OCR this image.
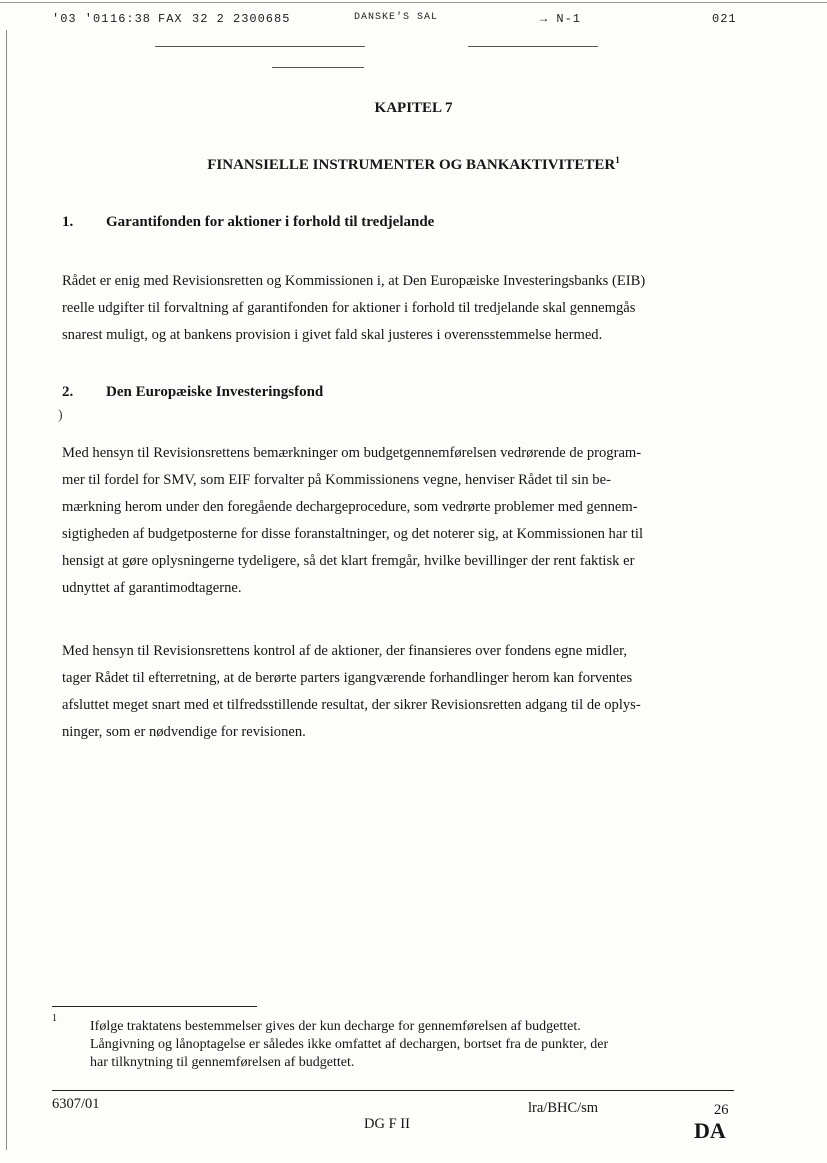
'03 '01 16:38 FAX 32 2 2300685	DANSKE'S SAL	→ N-1	021
KAPITEL 7
FINANSIELLE INSTRUMENTER OG BANKAKTIVITETER$^1$
1. Garantifonden for aktioner i forhold til tredjelande
Rådet er enig med Revisionsretten og Kommissionen i, at Den Europæiske Investeringsbanks (EIB)
reelle udgifter til forvaltning af garantifonden for aktioner i forhold til tredjelande skal gennemgås
snarest muligt, og at bankens provision i givet fald skal justeres i overensstemmelse hermed.
2. Den Europæiske Investeringsfond
)
Med hensyn til Revisionsrettens bemærkninger om budgetgennemførelsen vedrørende de program-
mer til fordel for SMV, som EIF forvalter på Kommissionens vegne, henviser Rådet til sin be-
mærkning herom under den foregående dechargeprocedure, som vedrørte problemer med gennem-
sigtigheden af budgetposterne for disse foranstaltninger, og det noterer sig, at Kommissionen har til
hensigt at gøre oplysningerne tydeligere, så det klart fremgår, hvilke bevillinger der rent faktisk er
udnyttet af garantimodtagerne.
Med hensyn til Revisionsrettens kontrol af de aktioner, der finansieres over fondens egne midler,
tager Rådet til efterretning, at de berørte parters igangværende forhandlinger herom kan forventes
afsluttet meget snart med et tilfredsstillende resultat, der sikrer Revisionsretten adgang til de oplys-
ninger, som er nødvendige for revisionen.
1
Ifølge traktatens bestemmelser gives der kun decharge for gennemførelsen af budgettet.
Långivning og lånoptagelse er således ikke omfattet af dechargen, bortset fra de punkter, der
har tilknytning til gennemførelsen af budgettet.
6307/01	lra/BHC/sm	26
DG F II	DA
